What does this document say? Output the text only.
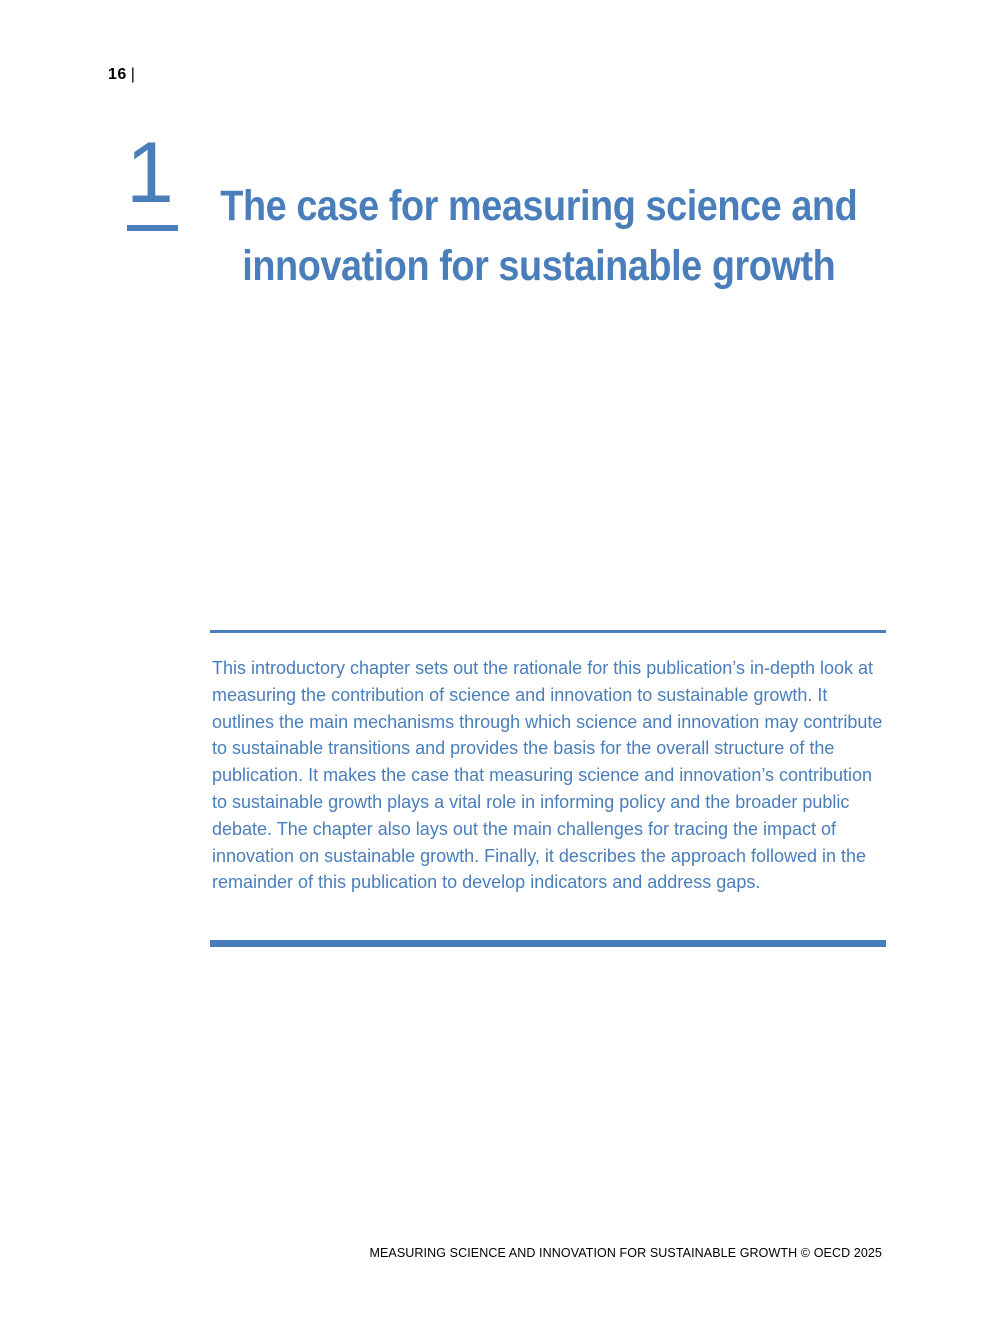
16 |
1	The case for measuring science and
innovation for sustainable growth
This introductory chapter sets out the rationale for this publication’s in-depth look at measuring the contribution of science and innovation to sustainable growth. It outlines the main mechanisms through which science and innovation may contribute to sustainable transitions and provides the basis for the overall structure of the publication. It makes the case that measuring science and innovation’s contribution to sustainable growth plays a vital role in informing policy and the broader public debate. The chapter also lays out the main challenges for tracing the impact of innovation on sustainable growth. Finally, it describes the approach followed in the remainder of this publication to develop indicators and address gaps.
MEASURING SCIENCE AND INNOVATION FOR SUSTAINABLE GROWTH © OECD 2025
